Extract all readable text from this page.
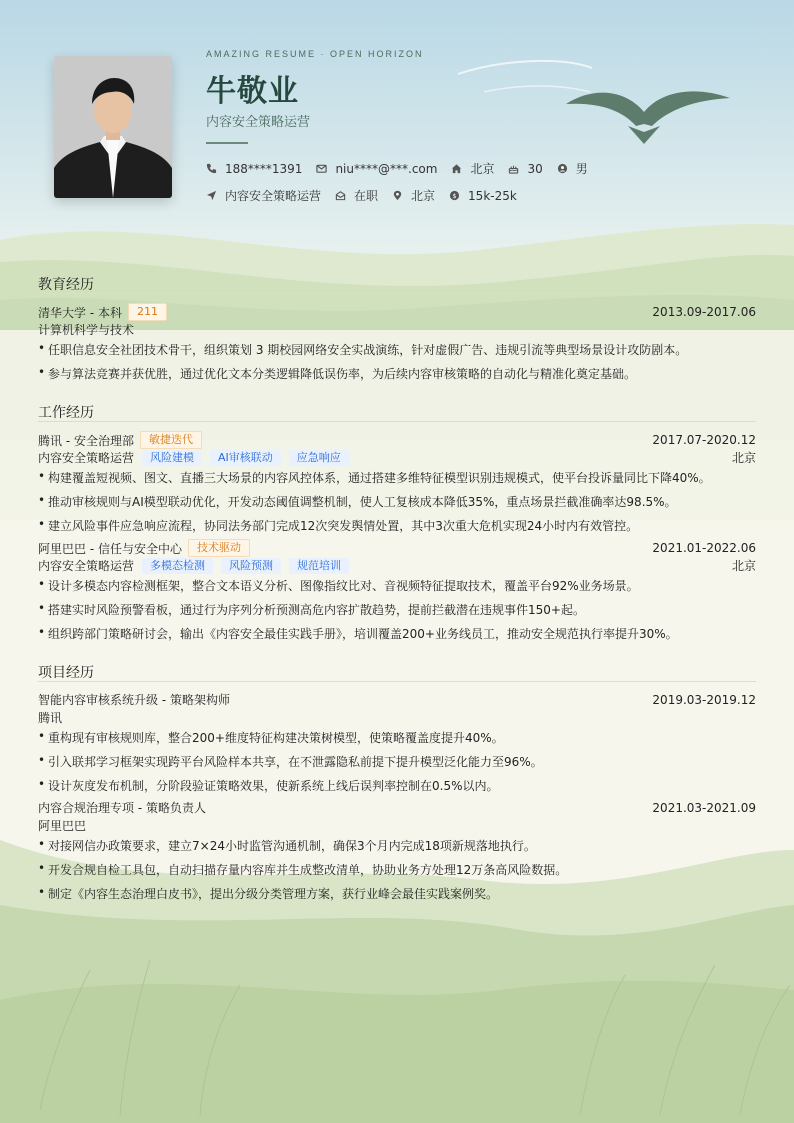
AMAZING RESUME · OPEN HORIZON
牛敬业
内容安全策略运营
188****1391	niu****@***.com	北京	30	男
内容安全策略运营	在职	北京 $ 15k-25k
教育经历
清华大学 - 本科	211	2013.09-2017.06
计算机科学与技术
• 任职信息安全社团技术骨干，组织策划 3 期校园网络安全实战演练，针对虚假广告、违规引流等典型场景设计攻防剧本。
• 参与算法竞赛并获优胜，通过优化文本分类逻辑降低误伤率，为后续内容审核策略的自动化与精准化奠定基础。
工作经历
腾讯 - 安全治理部	敏捷迭代	2017.07-2020.12
内容安全策略运营	风险建模	AI审核联动	应急响应	北京
• 构建覆盖短视频、图文、直播三大场景的内容风控体系，通过搭建多维特征模型识别违规模式，使平台投诉量同比下降40%。
• 推动审核规则与AI模型联动优化，开发动态阈值调整机制，使人工复核成本降低35%，重点场景拦截准确率达98.5%。
• 建立风险事件应急响应流程，协同法务部门完成12次突发舆情处置，其中3次重大危机实现24小时内有效管控。
阿里巴巴 - 信任与安全中心	技术驱动	2021.01-2022.06
内容安全策略运营	多模态检测	风险预测	规范培训	北京
• 设计多模态内容检测框架，整合文本语义分析、图像指纹比对、音视频特征提取技术，覆盖平台92%业务场景。
• 搭建实时风险预警看板，通过行为序列分析预测高危内容扩散趋势，提前拦截潜在违规事件150+起。
• 组织跨部门策略研讨会，输出《内容安全最佳实践手册》，培训覆盖200+业务线员工，推动安全规范执行率提升30%。
项目经历
智能内容审核系统升级 - 策略架构师	2019.03-2019.12
腾讯
• 重构现有审核规则库，整合200+维度特征构建决策树模型，使策略覆盖度提升40%。
• 引入联邦学习框架实现跨平台风险样本共享，在不泄露隐私前提下提升模型泛化能力至96%。
• 设计灰度发布机制，分阶段验证策略效果，使新系统上线后误判率控制在0.5%以内。
内容合规治理专项 - 策略负责人	2021.03-2021.09
阿里巴巴
• 对接网信办政策要求，建立7×24小时监管沟通机制，确保3个月内完成18项新规落地执行。
• 开发合规自检工具包，自动扫描存量内容库并生成整改清单，协助业务方处理12万条高风险数据。
• 制定《内容生态治理白皮书》，提出分级分类管理方案，获行业峰会最佳实践案例奖。
